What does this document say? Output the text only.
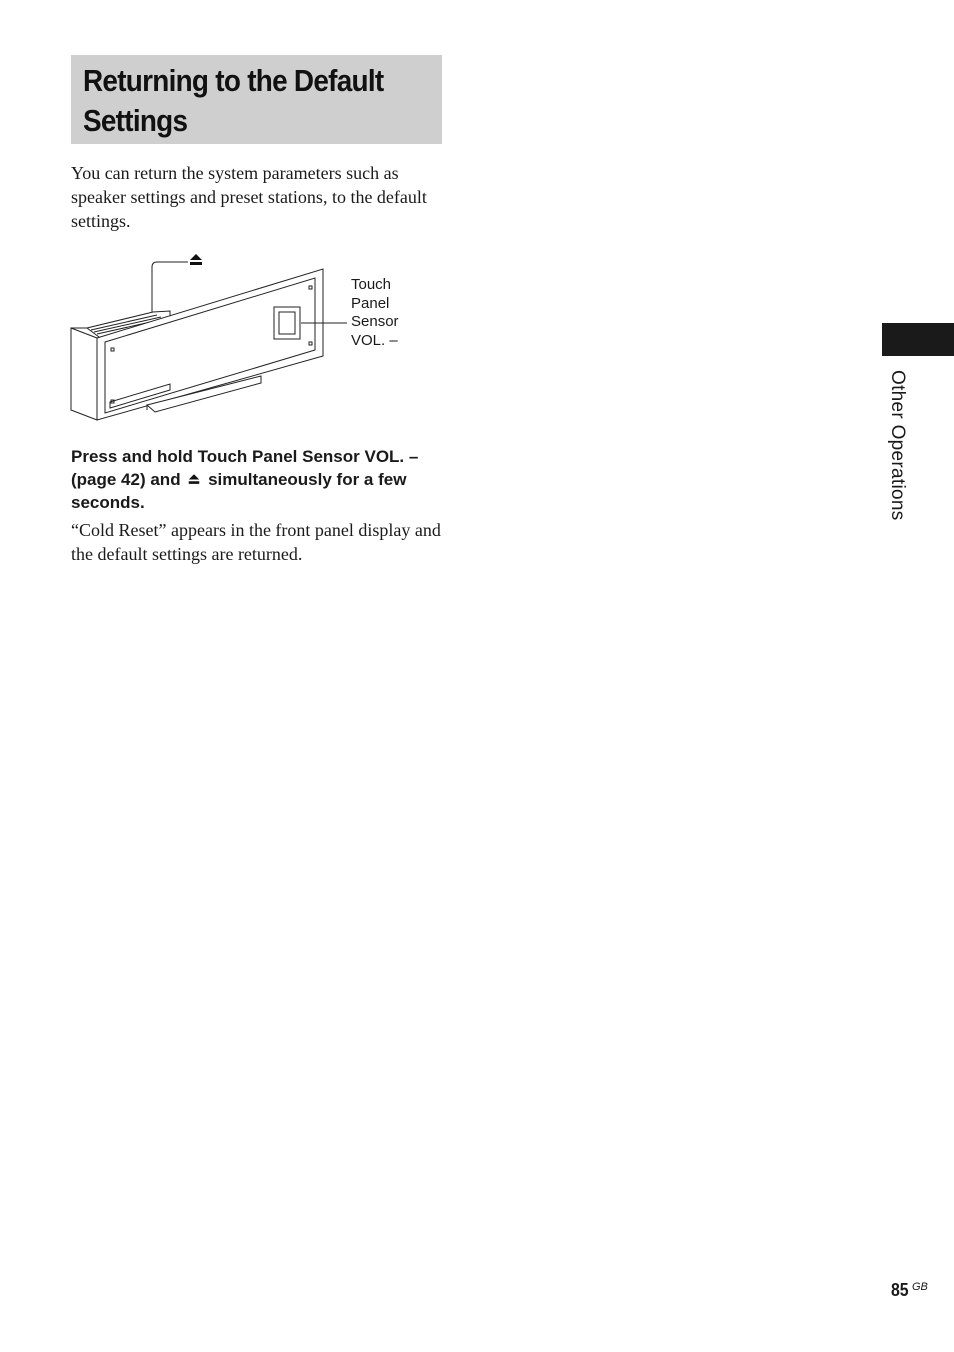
Returning to the Default
Settings

You can return the system parameters such as speaker settings and preset stations, to the default settings.

Touch
Panel
Sensor
VOL. –

Press and hold Touch Panel Sensor VOL. – (page 42) and simultaneously for a few seconds.

“Cold Reset” appears in the front panel display and the default settings are returned.

Other Operations
85 GB
